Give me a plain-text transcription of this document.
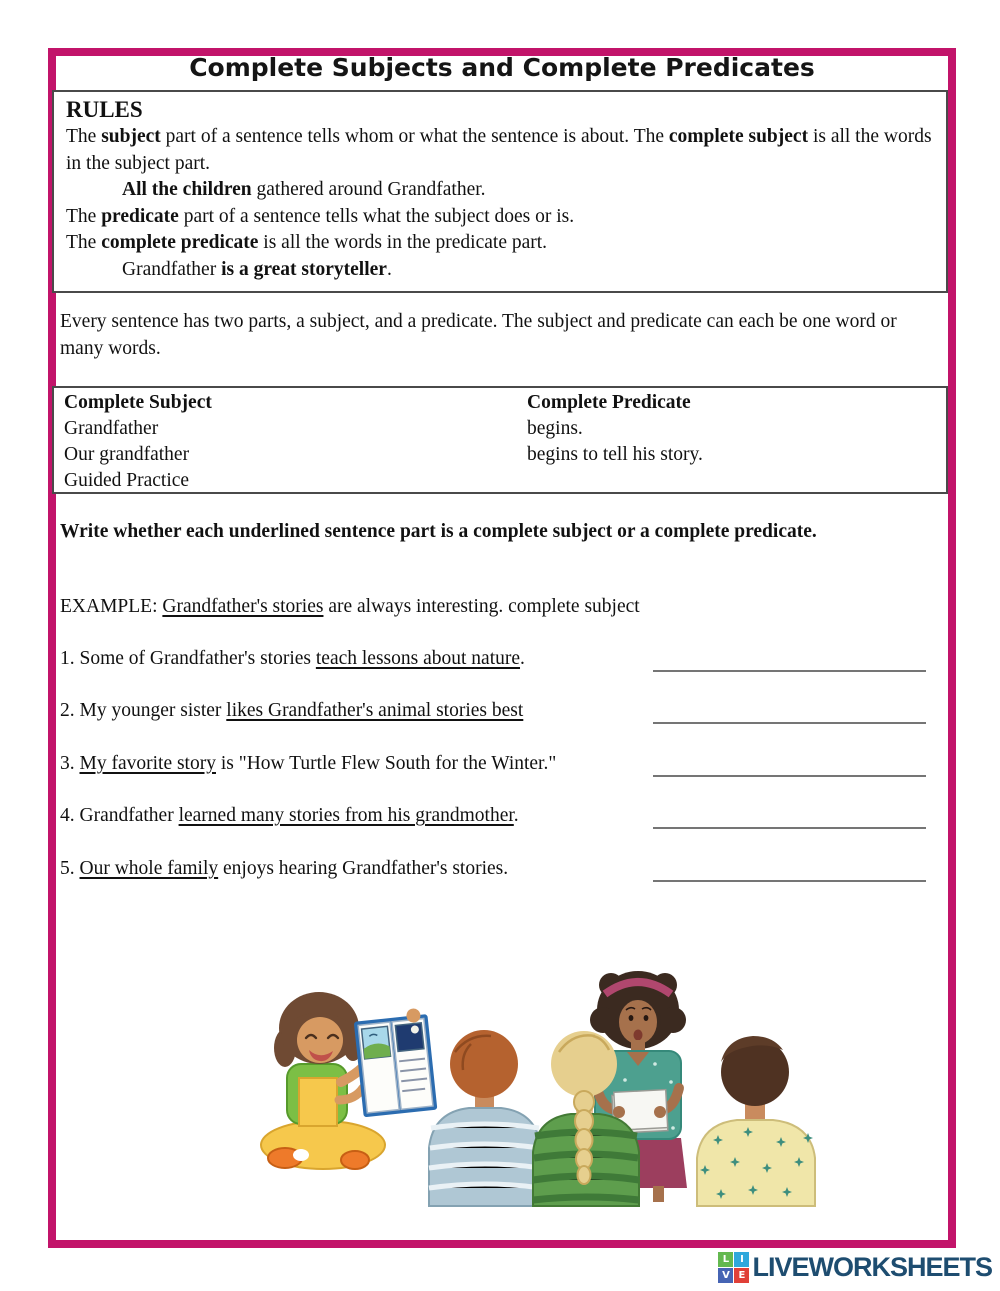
Complete Subjects and Complete Predicates
RULES
The subject part of a sentence tells whom or what the sentence is about. The complete subject is all the words in the subject part.
All the children gathered around Grandfather.
The predicate part of a sentence tells what the subject does or is.
The complete predicate is all the words in the predicate part.
Grandfather is a great storyteller.
Every sentence has two parts, a subject, and a predicate. The subject and predicate can each be one word or many words.
Complete Subject
Grandfather
Our grandfather
Guided Practice
Complete Predicate
begins.
begins to tell his story.
Write whether each underlined sentence part is a complete subject or a complete predicate.
EXAMPLE: Grandfather's stories are always interesting. complete subject
1. Some of Grandfather's stories teach lessons about nature.
2. My younger sister likes Grandfather's animal stories best
3. My favorite story is "How Turtle Flew South for the Winter."
4. Grandfather learned many stories from his grandmother.
5. Our whole family enjoys hearing Grandfather's stories.
L	I
V E LIVEWORKSHEETS
